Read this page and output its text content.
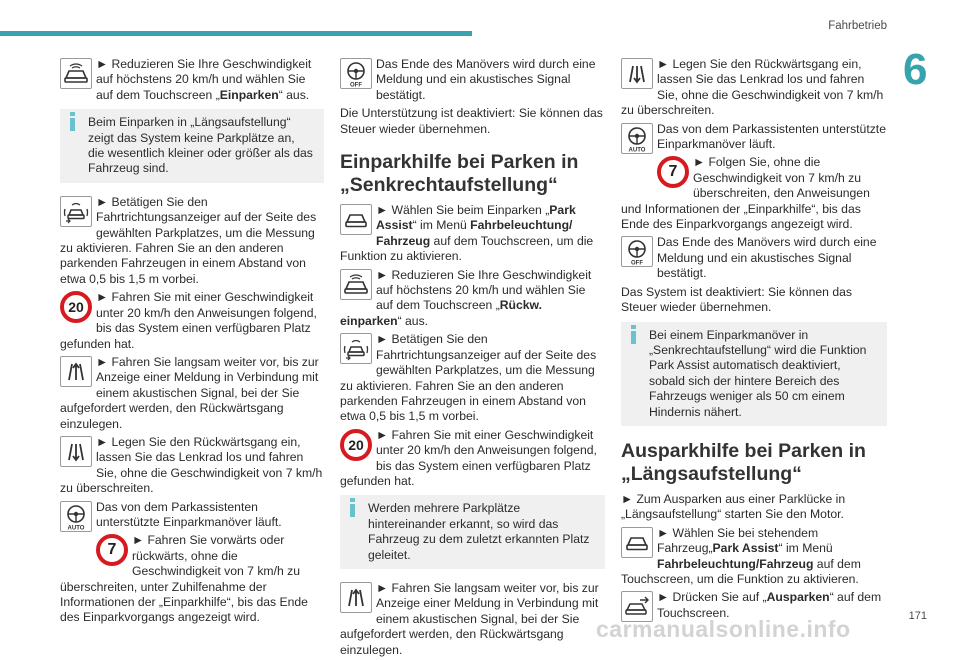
Fahrbetrieb
6
► Reduzieren Sie Ihre Geschwindigkeit auf höchstens 20 km/h und wählen Sie auf dem Touchscreen „Einparken“ aus.
Beim Einparken in „Längsaufstellung“ zeigt das System keine Parkplätze an, die wesentlich kleiner oder größer als das Fahrzeug sind.
► Betätigen Sie den Fahrtrichtungsanzeiger auf der Seite des gewählten Parkplatzes, um die Messung zu aktivieren. Fahren Sie an den anderen parkenden Fahrzeugen in einem Abstand von etwa 0,5 bis 1,5 m vorbei.
20
► Fahren Sie mit einer Geschwindigkeit unter 20 km/h den Anweisungen folgend, bis das System einen verfügbaren Platz gefunden hat.
► Fahren Sie langsam weiter vor, bis zur Anzeige einer Meldung in Verbindung mit einem akustischen Signal, bei der Sie aufgefordert werden, den Rückwärtsgang einzulegen.
► Legen Sie den Rückwärtsgang ein, lassen Sie das Lenkrad los und fahren Sie, ohne die Geschwindigkeit von 7 km/h zu überschreiten.
AUTO
Das von dem Parkassistenten unterstützte Einparkmanöver läuft.
7
► Fahren Sie vorwärts oder rückwärts, ohne die Geschwindigkeit von 7 km/h zu überschreiten, unter Zuhilfenahme der Informationen der „Einparkhilfe“, bis das Ende des Einparkvorgangs angezeigt wird.
OFF
Das Ende des Manövers wird durch eine Meldung und ein akustisches Signal bestätigt.

Die Unterstützung ist deaktiviert: Sie können das Steuer wieder übernehmen.

Einparkhilfe bei Parken in „Senkrechtaufstellung“
► Wählen Sie beim Einparken „Park Assist“ im Menü Fahrbeleuchtung/ Fahrzeug auf dem Touchscreen, um die Funktion zu aktivieren.
► Reduzieren Sie Ihre Geschwindigkeit auf höchstens 20 km/h und wählen Sie auf dem Touchscreen „Rückw. einparken“ aus.
► Betätigen Sie den Fahrtrichtungsanzeiger auf der Seite des gewählten Parkplatzes, um die Messung zu aktivieren. Fahren Sie an den anderen parkenden Fahrzeugen in einem Abstand von etwa 0,5 bis 1,5 m vorbei.
20
► Fahren Sie mit einer Geschwindigkeit unter 20 km/h den Anweisungen folgend, bis das System einen verfügbaren Platz gefunden hat.
Werden mehrere Parkplätze hintereinander erkannt, so wird das Fahrzeug zu dem zuletzt erkannten Platz geleitet.
► Fahren Sie langsam weiter vor, bis zur Anzeige einer Meldung in Verbindung mit einem akustischen Signal, bei der Sie aufgefordert werden, den Rückwärtsgang einzulegen.
► Legen Sie den Rückwärtsgang ein, lassen Sie das Lenkrad los und fahren Sie, ohne die Geschwindigkeit von 7 km/h zu überschreiten.
AUTO
Das von dem Parkassistenten unterstützte Einparkmanöver läuft.
7
► Folgen Sie, ohne die Geschwindigkeit von 7 km/h zu überschreiten, den Anweisungen und Informationen der „Einparkhilfe“, bis das Ende des Einparkvorgangs angezeigt wird.
OFF
Das Ende des Manövers wird durch eine Meldung und ein akustisches Signal bestätigt.

Das System ist deaktiviert: Sie können das Steuer wieder übernehmen.

Bei einem Einparkmanöver in „Senkrechtaufstellung“ wird die Funktion Park Assist automatisch deaktiviert, sobald sich der hintere Bereich des Fahrzeugs weniger als 50 cm einem Hindernis nähert.
Ausparkhilfe bei Parken in „Längsaufstellung“

► Zum Ausparken aus einer Parklücke in „Längsaufstellung“ starten Sie den Motor.

► Wählen Sie bei stehendem Fahrzeug„Park Assist“ im Menü Fahrbeleuchtung/Fahrzeug auf dem Touchscreen, um die Funktion zu aktivieren.
► Drücken Sie auf „Ausparken“ auf dem Touchscreen.
carmanualsonline.info	171
